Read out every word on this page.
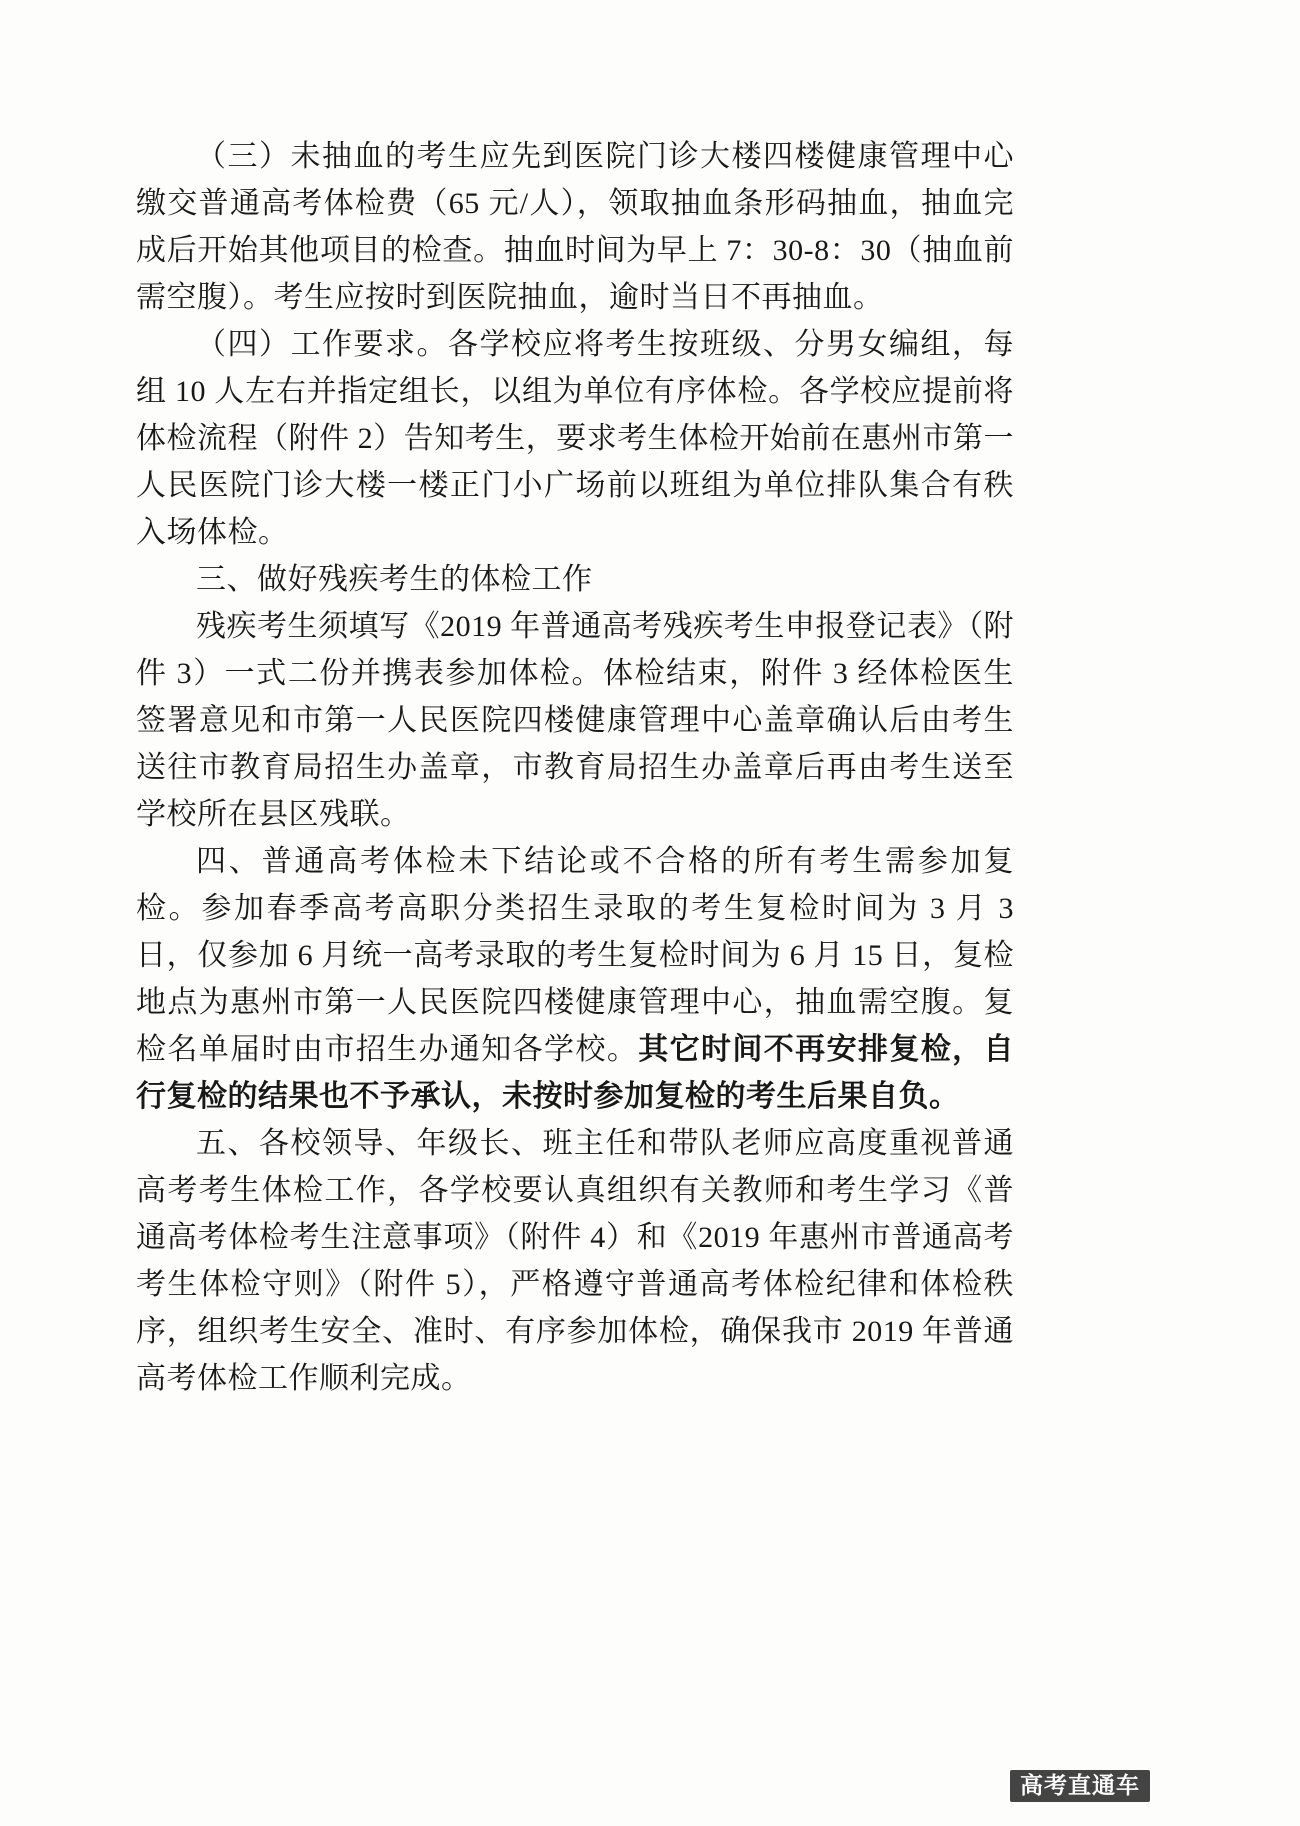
（三）未抽血的考生应先到医院门诊大楼四楼健康管理中心缴交普通高考体检费（65 元/人），领取抽血条形码抽血，抽血完成后开始其他项目的检查。抽血时间为早上 7：30-8：30（抽血前需空腹）。考生应按时到医院抽血，逾时当日不再抽血。

（四）工作要求。各学校应将考生按班级、分男女编组，每组 10 人左右并指定组长，以组为单位有序体检。各学校应提前将体检流程（附件 2）告知考生，要求考生体检开始前在惠州市第一人民医院门诊大楼一楼正门小广场前以班组为单位排队集合有秩入场体检。

三、做好残疾考生的体检工作

残疾考生须填写《2019 年普通高考残疾考生申报登记表》（附件 3）一式二份并携表参加体检。体检结束，附件 3 经体检医生签署意见和市第一人民医院四楼健康管理中心盖章确认后由考生送往市教育局招生办盖章，市教育局招生办盖章后再由考生送至学校所在县区残联。

四、普通高考体检未下结论或不合格的所有考生需参加复检。参加春季高考高职分类招生录取的考生复检时间为 3 月 3 日，仅参加 6 月统一高考录取的考生复检时间为 6 月 15 日，复检地点为惠州市第一人民医院四楼健康管理中心，抽血需空腹。复检名单届时由市招生办通知各学校。其它时间不再安排复检，自行复检的结果也不予承认，未按时参加复检的考生后果自负。

五、各校领导、年级长、班主任和带队老师应高度重视普通高考考生体检工作，各学校要认真组织有关教师和考生学习《普通高考体检考生注意事项》（附件 4）和《2019 年惠州市普通高考考生体检守则》（附件 5），严格遵守普通高考体检纪律和体检秩序，组织考生安全、准时、有序参加体检，确保我市 2019 年普通高考体检工作顺利完成。

高考直通车
